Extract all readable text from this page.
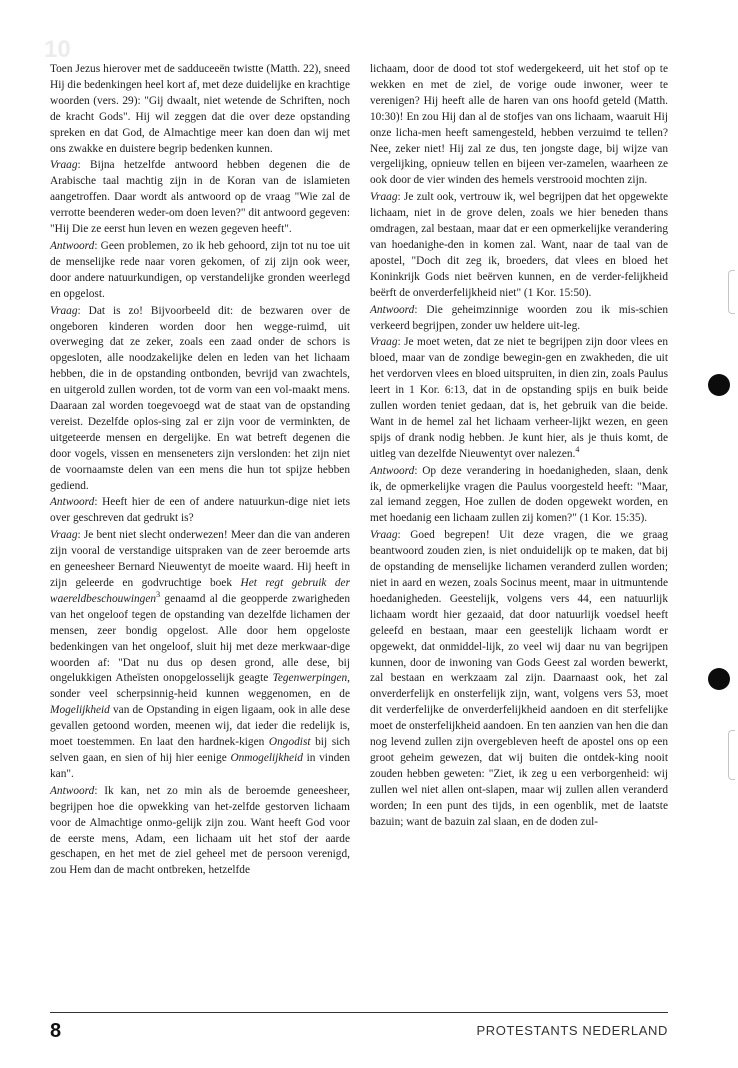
10

Toen Jezus hierover met de sadduceeën twistte (Matth. 22), sneed Hij die bedenkingen heel kort af, met deze duidelijke en krachtige woorden (vers. 29): "Gij dwaalt, niet wetende de Schriften, noch de kracht Gods". Hij wil zeggen dat die over deze opstanding spreken en dat God, de Almachtige meer kan doen dan wij met ons zwakke en duistere begrip bedenken kunnen.

Vraag: Bijna hetzelfde antwoord hebben degenen die de Arabische taal machtig zijn in de Koran van de islamieten aangetroffen. Daar wordt als antwoord op de vraag "Wie zal de verrotte beenderen weder-om doen leven?" dit antwoord gegeven: "Hij Die ze eerst hun leven en wezen gegeven heeft".

Antwoord: Geen problemen, zo ik heb gehoord, zijn tot nu toe uit de menselijke rede naar voren gekomen, of zij zijn ook weer, door andere natuurkundigen, op verstandelijke gronden weerlegd en opgelost.

Vraag: Dat is zo! Bijvoorbeeld dit: de bezwaren over de ongeboren kinderen worden door hen wegge-ruimd, uit overweging dat ze zeker, zoals een zaad onder de schors is opgesloten, alle noodzakelijke delen en leden van het lichaam hebben, die in de opstanding ontbonden, bevrijd van zwachtels, en uitgerold zullen worden, tot de vorm van een vol-maakt mens. Daaraan zal worden toegevoegd wat de staat van de opstanding vereist. Dezelfde oplos-sing zal er zijn voor de verminkten, de uitgeteerde mensen en dergelijke. En wat betreft degenen die door vogels, vissen en menseneters zijn verslonden: het zijn niet de voornaamste delen van een mens die hun tot spijze hebben gediend.

Antwoord: Heeft hier de een of andere natuurkun-dige niet iets over geschreven dat gedrukt is?

Vraag: Je bent niet slecht onderwezen! Meer dan die van anderen zijn vooral de verstandige uitspraken van de zeer beroemde arts en geneesheer Bernard Nieuwentyt de moeite waard. Hij heeft in zijn geleerde en godvruchtige boek Het regt gebruik der waereldbeschouwingen$^3$ genaamd al die geopperde zwarigheden van het ongeloof tegen de opstanding van dezelfde lichamen der mensen, zeer bondig opgelost. Alle door hem opgeloste bedenkingen van het ongeloof, sluit hij met deze merkwaar-dige woorden af: "Dat nu dus op desen grond, alle dese, bij ongelukkigen Atheïsten onopgelosselijk geagte Tegenwerpingen, sonder veel scherpsinnig-heid kunnen weggenomen, en de Mogelijkheid van de Opstanding in eigen ligaam, ook in alle dese gevallen getoond worden, meenen wij, dat ieder die redelijk is, moet toestemmen. En laat den hardnek-kigen Ongodist bij sich selven gaan, en sien of hij hier eenige Onmogelijkheid in vinden kan".

Antwoord: Ik kan, net zo min als de beroemde geneesheer, begrijpen hoe die opwekking van het-zelfde gestorven lichaam voor de Almachtige onmo-gelijk zijn zou. Want heeft God voor de eerste mens, Adam, een lichaam uit het stof der aarde geschapen, en het met de ziel geheel met de persoon verenigd, zou Hem dan de macht ontbreken, hetzelfde

lichaam, door de dood tot stof wedergekeerd, uit het stof op te wekken en met de ziel, de vorige oude inwoner, weer te verenigen? Hij heeft alle de haren van ons hoofd geteld (Matth. 10:30)! En zou Hij dan al de stofjes van ons lichaam, waaruit Hij onze licha-men heeft samengesteld, hebben verzuimd te tellen? Nee, zeker niet! Hij zal ze dus, ten jongste dage, bij wijze van vergelijking, opnieuw tellen en bijeen ver-zamelen, waarheen ze ook door de vier winden des hemels verstrooid mochten zijn.

Vraag: Je zult ook, vertrouw ik, wel begrijpen dat het opgewekte lichaam, niet in de grove delen, zoals we hier beneden thans omdragen, zal bestaan, maar dat er een opmerkelijke verandering van hoedanighe-den in komen zal. Want, naar de taal van de apostel, "Doch dit zeg ik, broeders, dat vlees en bloed het Koninkrijk Gods niet beërven kunnen, en de verder-felijkheid beërft de onverderfelijkheid niet" (1 Kor. 15:50).

Antwoord: Die geheimzinnige woorden zou ik mis-schien verkeerd begrijpen, zonder uw heldere uit-leg.

Vraag: Je moet weten, dat ze niet te begrijpen zijn door vlees en bloed, maar van de zondige bewegin-gen en zwakheden, die uit het verdorven vlees en bloed uitspruiten, in dien zin, zoals Paulus leert in 1 Kor. 6:13, dat in de opstanding spijs en buik beide zullen worden teniet gedaan, dat is, het gebruik van die beide. Want in de hemel zal het lichaam verheer-lijkt wezen, en geen spijs of drank nodig hebben. Je kunt hier, als je thuis komt, de uitleg van dezelfde Nieuwentyt over nalezen.$^4$

Antwoord: Op deze verandering in hoedanigheden, slaan, denk ik, de opmerkelijke vragen die Paulus voorgesteld heeft: "Maar, zal iemand zeggen, Hoe zullen de doden opgewekt worden, en met hoedanig een lichaam zullen zij komen?" (1 Kor. 15:35).

Vraag: Goed begrepen! Uit deze vragen, die we graag beantwoord zouden zien, is niet onduidelijk op te maken, dat bij de opstanding de menselijke lichamen veranderd zullen worden; niet in aard en wezen, zoals Socinus meent, maar in uitmuntende hoedanigheden. Geestelijk, volgens vers 44, een natuurlijk lichaam wordt hier gezaaid, dat door natuurlijk voedsel heeft geleefd en bestaan, maar een geestelijk lichaam wordt er opgewekt, dat onmiddel-lijk, zo veel wij daar nu van begrijpen kunnen, door de inwoning van Gods Geest zal worden bewerkt, zal bestaan en werkzaam zal zijn. Daarnaast ook, het zal onverderfelijk en onsterfelijk zijn, want, volgens vers 53, moet dit verderfelijke de onverderfelijkheid aandoen en dit sterfelijke moet de onsterfelijkheid aandoen. En ten aanzien van hen die dan nog levend zullen zijn overgebleven heeft de apostel ons op een groot geheim gewezen, dat wij buiten die ontdek-king nooit zouden hebben geweten: "Ziet, ik zeg u een verborgenheid: wij zullen wel niet allen ont-slapen, maar wij zullen allen veranderd worden; In een punt des tijds, in een ogenblik, met de laatste bazuin; want de bazuin zal slaan, en de doden zul-

8	PROTESTANTS NEDERLAND
